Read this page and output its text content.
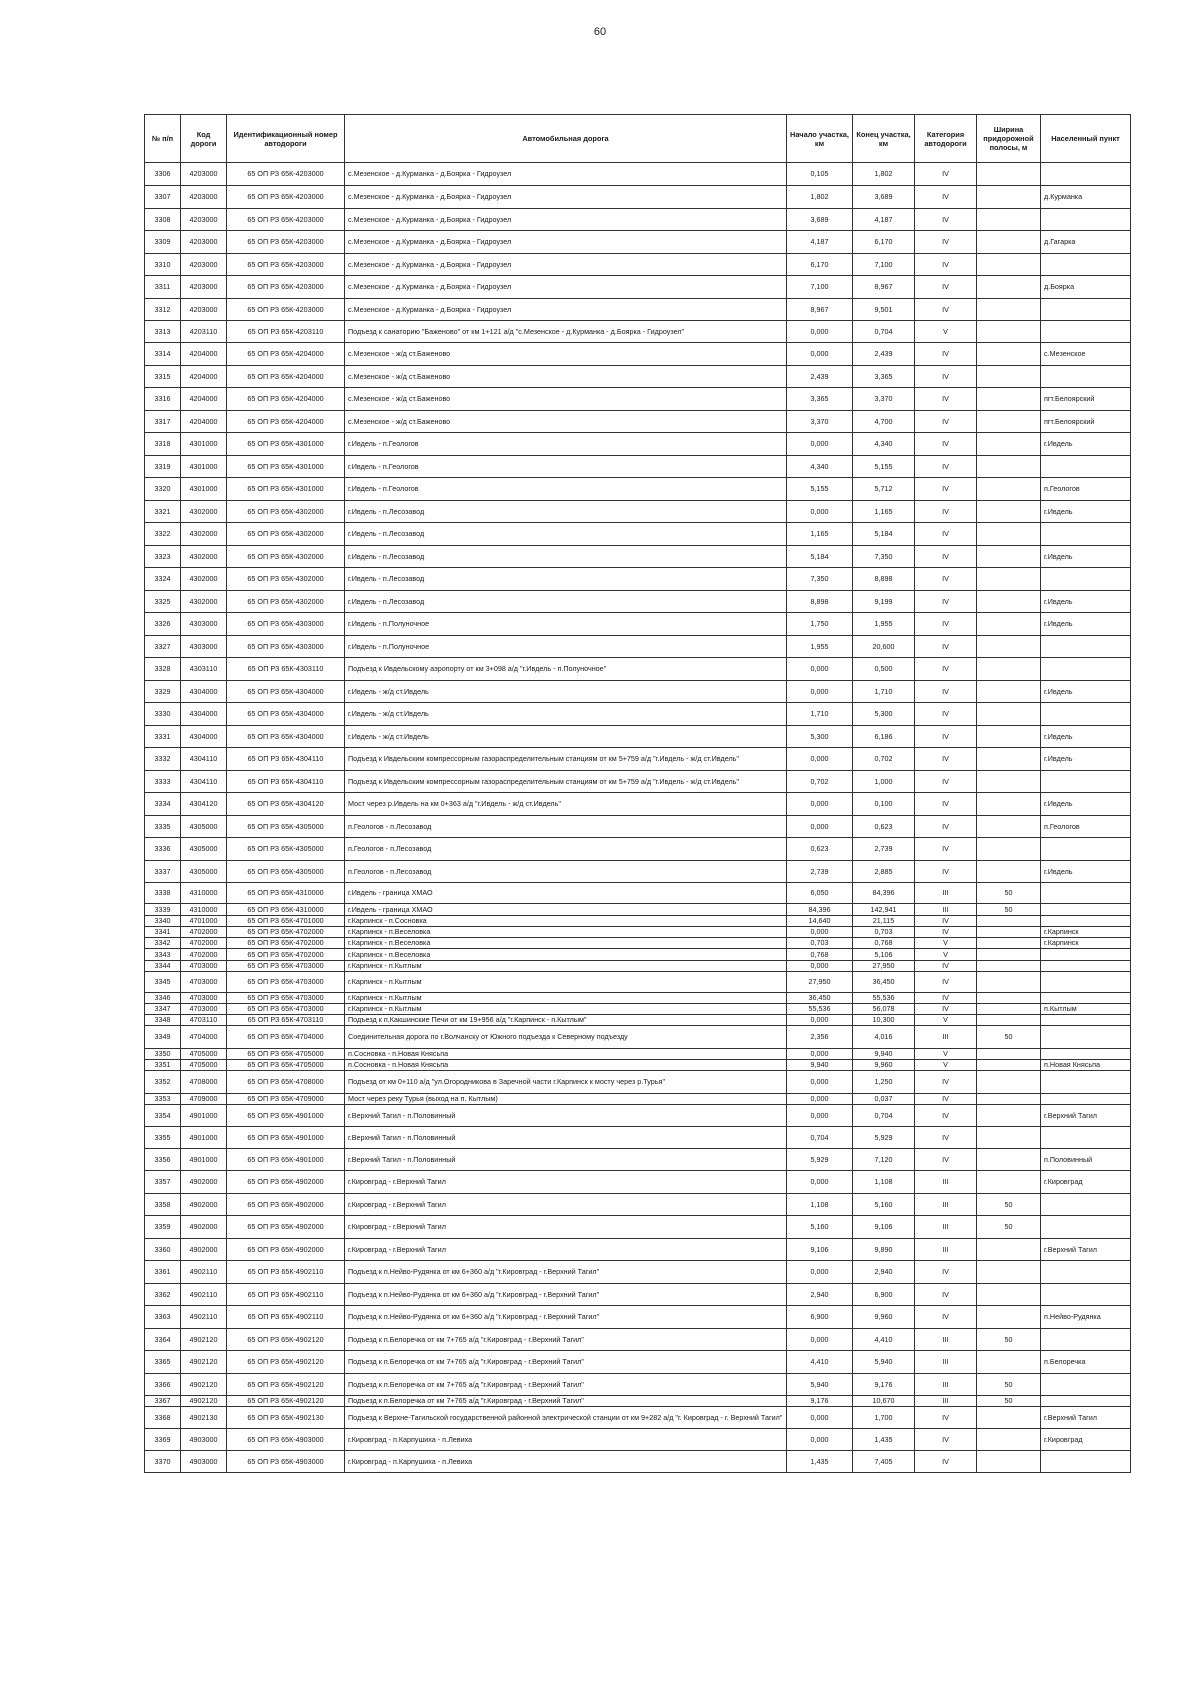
60
№ п/п	Код дороги	Идентификационный номер автодороги	Автомобильная дорога	Начало участка, км	Конец участка, км	Категория автодороги	Ширина придорожной полосы, м	Населенный пункт
3306	4203000	65 ОП РЗ 65К-4203000	с.Мезенское - д.Курманка - д.Боярка - Гидроузел	0,105	1,802	IV		
3307	4203000	65 ОП РЗ 65К-4203000	с.Мезенское - д.Курманка - д.Боярка - Гидроузел	1,802	3,689	IV		д.Курманка
3308	4203000	65 ОП РЗ 65К-4203000	с.Мезенское - д.Курманка - д.Боярка - Гидроузел	3,689	4,187	IV		
3309	4203000	65 ОП РЗ 65К-4203000	с.Мезенское - д.Курманка - д.Боярка - Гидроузел	4,187	6,170	IV		д.Гагарка
3310	4203000	65 ОП РЗ 65К-4203000	с.Мезенское - д.Курманка - д.Боярка - Гидроузел	6,170	7,100	IV		
3311	4203000	65 ОП РЗ 65К-4203000	с.Мезенское - д.Курманка - д.Боярка - Гидроузел	7,100	8,967	IV		д.Боярка
3312	4203000	65 ОП РЗ 65К-4203000	с.Мезенское - д.Курманка - д.Боярка - Гидроузел	8,967	9,501	IV		
3313	4203110	65 ОП РЗ 65К-4203110	Подъезд к санаторию "Баженово" от км 1+121 а/д "с.Мезенское - д.Курманка - д.Боярка - Гидроузел"	0,000	0,704	V		
3314	4204000	65 ОП РЗ 65К-4204000	с.Мезенское - ж/д ст.Баженово	0,000	2,439	IV		с.Мезенское
3315	4204000	65 ОП РЗ 65К-4204000	с.Мезенское - ж/д ст.Баженово	2,439	3,365	IV		
3316	4204000	65 ОП РЗ 65К-4204000	с.Мезенское - ж/д ст.Баженово	3,365	3,370	IV		пгт.Белоярский
3317	4204000	65 ОП РЗ 65К-4204000	с.Мезенское - ж/д ст.Баженово	3,370	4,700	IV		пгт.Белоярский
3318	4301000	65 ОП РЗ 65К-4301000	г.Ивдель - п.Геологов	0,000	4,340	IV		г.Ивдель
3319	4301000	65 ОП РЗ 65К-4301000	г.Ивдель - п.Геологов	4,340	5,155	IV		
3320	4301000	65 ОП РЗ 65К-4301000	г.Ивдель - п.Геологов	5,155	5,712	IV		п.Геологов
3321	4302000	65 ОП РЗ 65К-4302000	г.Ивдель - п.Лесозавод	0,000	1,165	IV		г.Ивдель
3322	4302000	65 ОП РЗ 65К-4302000	г.Ивдель - п.Лесозавод	1,165	5,184	IV		
3323	4302000	65 ОП РЗ 65К-4302000	г.Ивдель - п.Лесозавод	5,184	7,350	IV		г.Ивдель
3324	4302000	65 ОП РЗ 65К-4302000	г.Ивдель - п.Лесозавод	7,350	8,898	IV		
3325	4302000	65 ОП РЗ 65К-4302000	г.Ивдель - п.Лесозавод	8,898	9,199	IV		г.Ивдель
3326	4303000	65 ОП РЗ 65К-4303000	г.Ивдель - п.Полуночное	1,750	1,955	IV		г.Ивдель
3327	4303000	65 ОП РЗ 65К-4303000	г.Ивдель - п.Полуночное	1,955	20,600	IV		
3328	4303110	65 ОП РЗ 65К-4303110	Подъезд к Ивдельскому аэропорту от км 3+098 а/д "г.Ивдель - п.Полуночное"	0,000	0,500	IV		
3329	4304000	65 ОП РЗ 65К-4304000	г.Ивдель - ж/д ст.Ивдель	0,000	1,710	IV		г.Ивдель
3330	4304000	65 ОП РЗ 65К-4304000	г.Ивдель - ж/д ст.Ивдель	1,710	5,300	IV		
3331	4304000	65 ОП РЗ 65К-4304000	г.Ивдель - ж/д ст.Ивдель	5,300	6,186	IV		г.Ивдель
3332	4304110	65 ОП РЗ 65К-4304110	Подъезд к Ивдельским компрессорным газораспределительным станциям от км 5+759 а/д "г.Ивдель - ж/д ст.Ивдель"	0,000	0,702	IV		г.Ивдель
3333	4304110	65 ОП РЗ 65К-4304110	Подъезд к Ивдельским компрессорным газораспределительным станциям от км 5+759 а/д "г.Ивдель - ж/д ст.Ивдель"	0,702	1,000	IV		
3334	4304120	65 ОП РЗ 65К-4304120	Мост через р.Ивдель на км 0+363 а/д "г.Ивдель - ж/д ст.Ивдель"	0,000	0,100	IV		г.Ивдель
3335	4305000	65 ОП РЗ 65К-4305000	п.Геологов - п.Лесозавод	0,000	0,623	IV		п.Геологов
3336	4305000	65 ОП РЗ 65К-4305000	п.Геологов - п.Лесозавод	0,623	2,739	IV		
3337	4305000	65 ОП РЗ 65К-4305000	п.Геологов - п.Лесозавод	2,739	2,885	IV		г.Ивдель
3338	4310000	65 ОП РЗ 65К-4310000	г.Ивдель - граница ХМАО	6,050	84,396	III	50	
3339	4310000	65 ОП РЗ 65К-4310000	г.Ивдель - граница ХМАО	84,396	142,941	III	50	
3340	4701000	65 ОП РЗ 65К-4701000	г.Карпинск - п.Сосновка	14,640	21,115	IV		
3341	4702000	65 ОП РЗ 65К-4702000	г.Карпинск - п.Веселовка	0,000	0,703	IV		г.Карпинск
3342	4702000	65 ОП РЗ 65К-4702000	г.Карпинск - п.Веселовка	0,703	0,768	V		г.Карпинск
3343	4702000	65 ОП РЗ 65К-4702000	г.Карпинск - п.Веселовка	0,768	5,106	V		
3344	4703000	65 ОП РЗ 65К-4703000	г.Карпинск - п.Кытлым	0,000	27,950	IV		
3345	4703000	65 ОП РЗ 65К-4703000	г.Карпинск - п.Кытлым	27,950	36,450	IV		
3346	4703000	65 ОП РЗ 65К-4703000	г.Карпинск - п.Кытлым	36,450	55,536	IV		
3347	4703000	65 ОП РЗ 65К-4703000	г.Карпинск - п.Кытлым	55,536	56,078	IV		п.Кытлым
3348	4703110	65 ОП РЗ 65К-4703110	Подъезд к п.Какшинские Печи от км 19+956 а/д "г.Карпинск - п.Кытлым"	0,000	10,300	V		
3349	4704000	65 ОП РЗ 65К-4704000	Соединительная дорога по г.Волчанску от Южного подъезда к Северному подъезду	2,356	4,016	III	50	
3350	4705000	65 ОП РЗ 65К-4705000	п.Сосновка - п.Новая Княсьпа	0,000	9,940	V		
3351	4705000	65 ОП РЗ 65К-4705000	п.Сосновка - п.Новая Княсьпа	9,940	9,960	V		п.Новая Княсьпа
3352	4708000	65 ОП РЗ 65К-4708000	Подъезд от км 0+110 а/д "ул.Огородникова в Заречной части г.Карпинск к мосту через р.Турья"	0,000	1,250	IV		
3353	4709000	65 ОП РЗ 65К-4709000	Мост через реку Турья (выход на п. Кытлым)	0,000	0,037	IV		
3354	4901000	65 ОП РЗ 65К-4901000	г.Верхний Тагил - п.Половинный	0,000	0,704	IV		г.Верхний Тагил
3355	4901000	65 ОП РЗ 65К-4901000	г.Верхний Тагил - п.Половинный	0,704	5,929	IV		
3356	4901000	65 ОП РЗ 65К-4901000	г.Верхний Тагил - п.Половинный	5,929	7,120	IV		п.Половинный
3357	4902000	65 ОП РЗ 65К-4902000	г.Кировград - г.Верхний Тагил	0,000	1,108	III		г.Кировград
3358	4902000	65 ОП РЗ 65К-4902000	г.Кировград - г.Верхний Тагил	1,108	5,160	III	50	
3359	4902000	65 ОП РЗ 65К-4902000	г.Кировград - г.Верхний Тагил	5,160	9,106	III	50	
3360	4902000	65 ОП РЗ 65К-4902000	г.Кировград - г.Верхний Тагил	9,106	9,890	III		г.Верхний Тагил
3361	4902110	65 ОП РЗ 65К-4902110	Подъезд к п.Нейво-Рудянка от км 6+360 а/д "г.Кировград - г.Верхний Тагил"	0,000	2,940	IV		
3362	4902110	65 ОП РЗ 65К-4902110	Подъезд к п.Нейво-Рудянка от км 6+360 а/д "г.Кировград - г.Верхний Тагил"	2,940	6,900	IV		
3363	4902110	65 ОП РЗ 65К-4902110	Подъезд к п.Нейво-Рудянка от км 6+360 а/д "г.Кировград - г.Верхний Тагил"	6,900	9,960	IV		п.Нейво-Рудянка
3364	4902120	65 ОП РЗ 65К-4902120	Подъезд к п.Белоречка от км 7+765 а/д "г.Кировград - г.Верхний Тагил"	0,000	4,410	III	50	
3365	4902120	65 ОП РЗ 65К-4902120	Подъезд к п.Белоречка от км 7+765 а/д "г.Кировград - г.Верхний Тагил"	4,410	5,940	III		п.Белоречка
3366	4902120	65 ОП РЗ 65К-4902120	Подъезд к п.Белоречка от км 7+765 а/д "г.Кировград - г.Верхний Тагил"	5,940	9,176	III	50	
3367	4902120	65 ОП РЗ 65К-4902120	Подъезд к п.Белоречка от км 7+765 а/д "г.Кировград - г.Верхний Тагил"	9,176	10,670	III	50	
3368	4902130	65 ОП РЗ 65К-4902130	Подъезд к Верхне-Тагильской государственной районной электрической станции от км 9+282 а/д "г. Кировград - г. Верхний Тагил"	0,000	1,700	IV		г.Верхний Тагил
3369	4903000	65 ОП РЗ 65К-4903000	г.Кировград - п.Карпушиха - п.Левиха	0,000	1,435	IV		г.Кировград
3370	4903000	65 ОП РЗ 65К-4903000	г.Кировград - п.Карпушиха - п.Левиха	1,435	7,405	IV		
